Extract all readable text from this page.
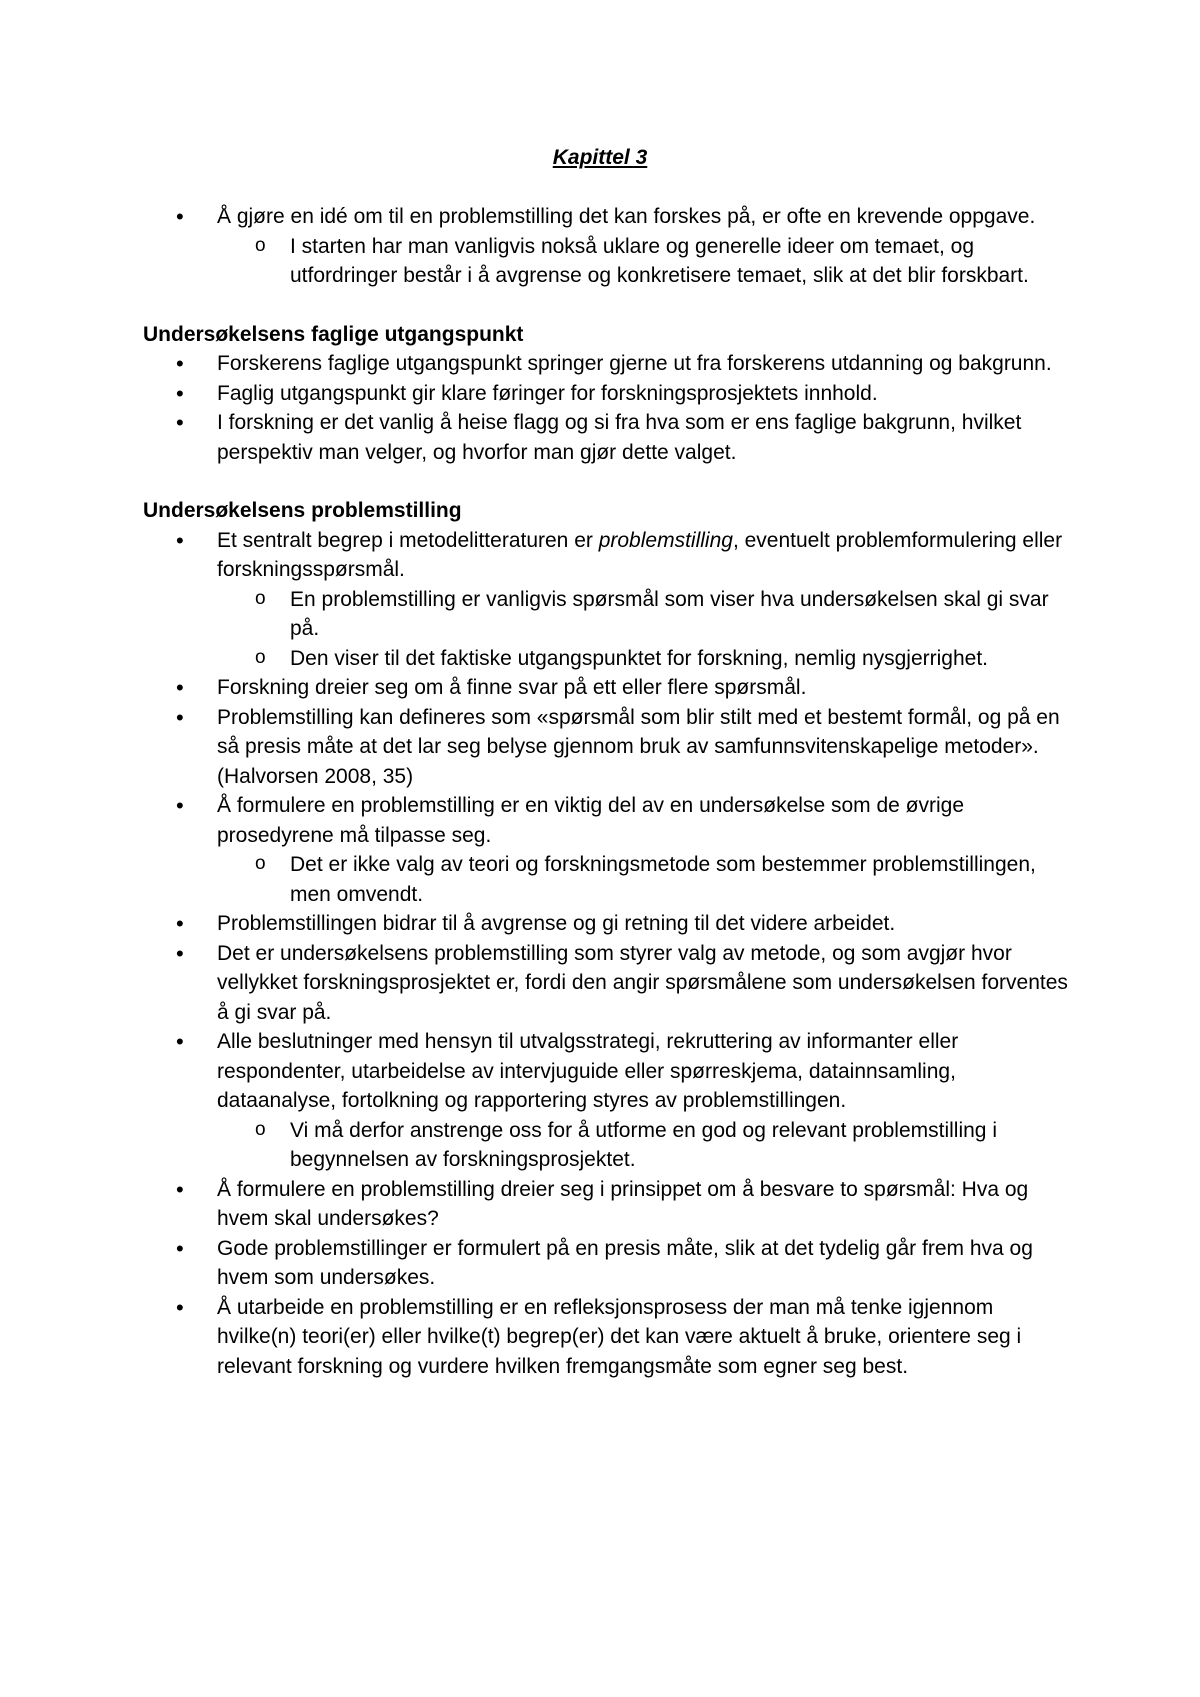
Kapittel 3
• Å gjøre en idé om til en problemstilling det kan forskes på, er ofte en krevende oppgave.
o I starten har man vanligvis nokså uklare og generelle ideer om temaet, og utfordringer består i å avgrense og konkretisere temaet, slik at det blir forskbart.
Undersøkelsens faglige utgangspunkt
• Forskerens faglige utgangspunkt springer gjerne ut fra forskerens utdanning og bakgrunn.
• Faglig utgangspunkt gir klare føringer for forskningsprosjektets innhold.
• I forskning er det vanlig å heise flagg og si fra hva som er ens faglige bakgrunn, hvilket perspektiv man velger, og hvorfor man gjør dette valget.
Undersøkelsens problemstilling
• Et sentralt begrep i metodelitteraturen er problemstilling, eventuelt problemformulering eller forskningsspørsmål.
o En problemstilling er vanligvis spørsmål som viser hva undersøkelsen skal gi svar på.
o Den viser til det faktiske utgangspunktet for forskning, nemlig nysgjerrighet.
• Forskning dreier seg om å finne svar på ett eller flere spørsmål.
• Problemstilling kan defineres som «spørsmål som blir stilt med et bestemt formål, og på en så presis måte at det lar seg belyse gjennom bruk av samfunnsvitenskapelige metoder». (Halvorsen 2008, 35)
• Å formulere en problemstilling er en viktig del av en undersøkelse som de øvrige prosedyrene må tilpasse seg.
o Det er ikke valg av teori og forskningsmetode som bestemmer problemstillingen, men omvendt.
• Problemstillingen bidrar til å avgrense og gi retning til det videre arbeidet.
• Det er undersøkelsens problemstilling som styrer valg av metode, og som avgjør hvor vellykket forskningsprosjektet er, fordi den angir spørsmålene som undersøkelsen forventes å gi svar på.
• Alle beslutninger med hensyn til utvalgsstrategi, rekruttering av informanter eller respondenter, utarbeidelse av intervjuguide eller spørreskjema, datainnsamling, dataanalyse, fortolkning og rapportering styres av problemstillingen.
o Vi må derfor anstrenge oss for å utforme en god og relevant problemstilling i begynnelsen av forskningsprosjektet.
• Å formulere en problemstilling dreier seg i prinsippet om å besvare to spørsmål: Hva og hvem skal undersøkes?
• Gode problemstillinger er formulert på en presis måte, slik at det tydelig går frem hva og hvem som undersøkes.
• Å utarbeide en problemstilling er en refleksjonsprosess der man må tenke igjennom hvilke(n) teori(er) eller hvilke(t) begrep(er) det kan være aktuelt å bruke, orientere seg i relevant forskning og vurdere hvilken fremgangsmåte som egner seg best.
